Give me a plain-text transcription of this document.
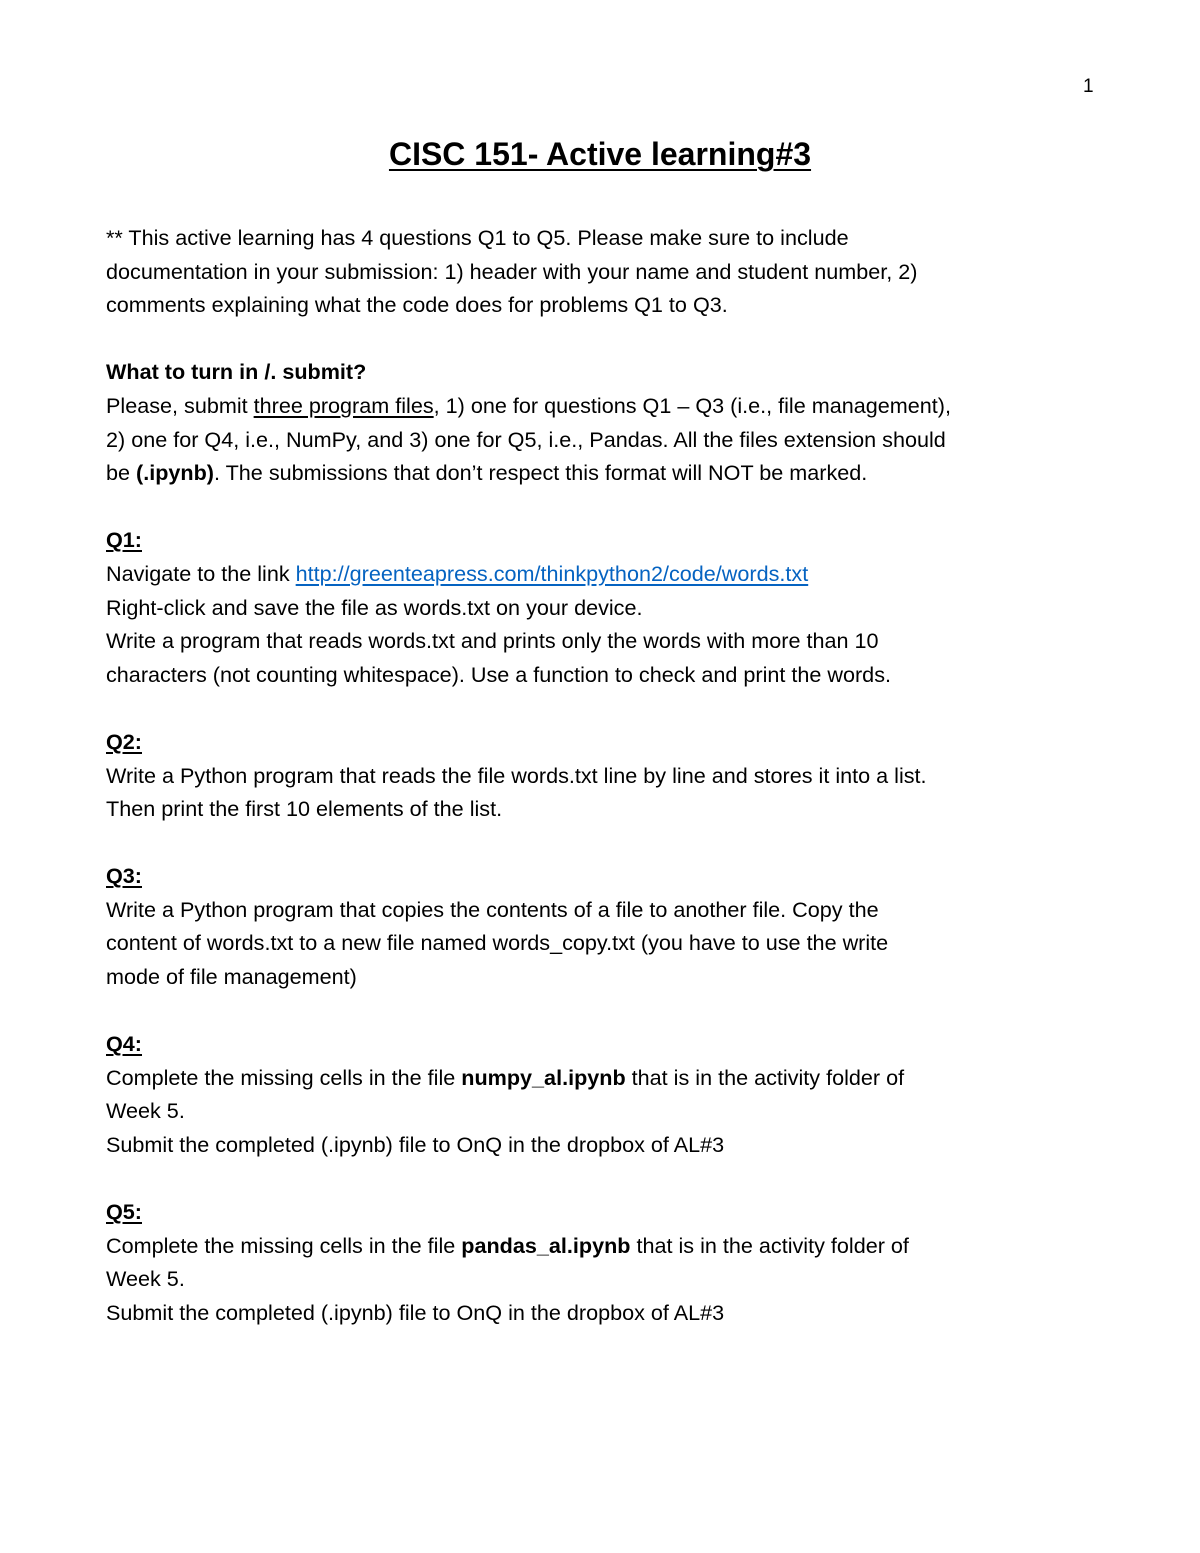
1
CISC 151- Active learning#3
** This active learning has 4 questions Q1 to Q5. Please make sure to include
documentation in your submission: 1) header with your name and student number, 2)
comments explaining what the code does for problems Q1 to Q3.
What to turn in /. submit?
Please, submit three program files, 1) one for questions Q1 – Q3 (i.e., file management),
2) one for Q4, i.e., NumPy, and 3) one for Q5, i.e., Pandas. All the files extension should
be (.ipynb). The submissions that don’t respect this format will NOT be marked.
Q1:
Navigate to the link http://greenteapress.com/thinkpython2/code/words.txt
Right-click and save the file as words.txt on your device.
Write a program that reads words.txt and prints only the words with more than 10
characters (not counting whitespace). Use a function to check and print the words.
Q2:
Write a Python program that reads the file words.txt line by line and stores it into a list.
Then print the first 10 elements of the list.
Q3:
Write a Python program that copies the contents of a file to another file. Copy the
content of words.txt to a new file named words_copy.txt (you have to use the write
mode of file management)
Q4:
Complete the missing cells in the file numpy_al.ipynb that is in the activity folder of
Week 5.
Submit the completed (.ipynb) file to OnQ in the dropbox of AL#3
Q5:
Complete the missing cells in the file pandas_al.ipynb that is in the activity folder of
Week 5.
Submit the completed (.ipynb) file to OnQ in the dropbox of AL#3
